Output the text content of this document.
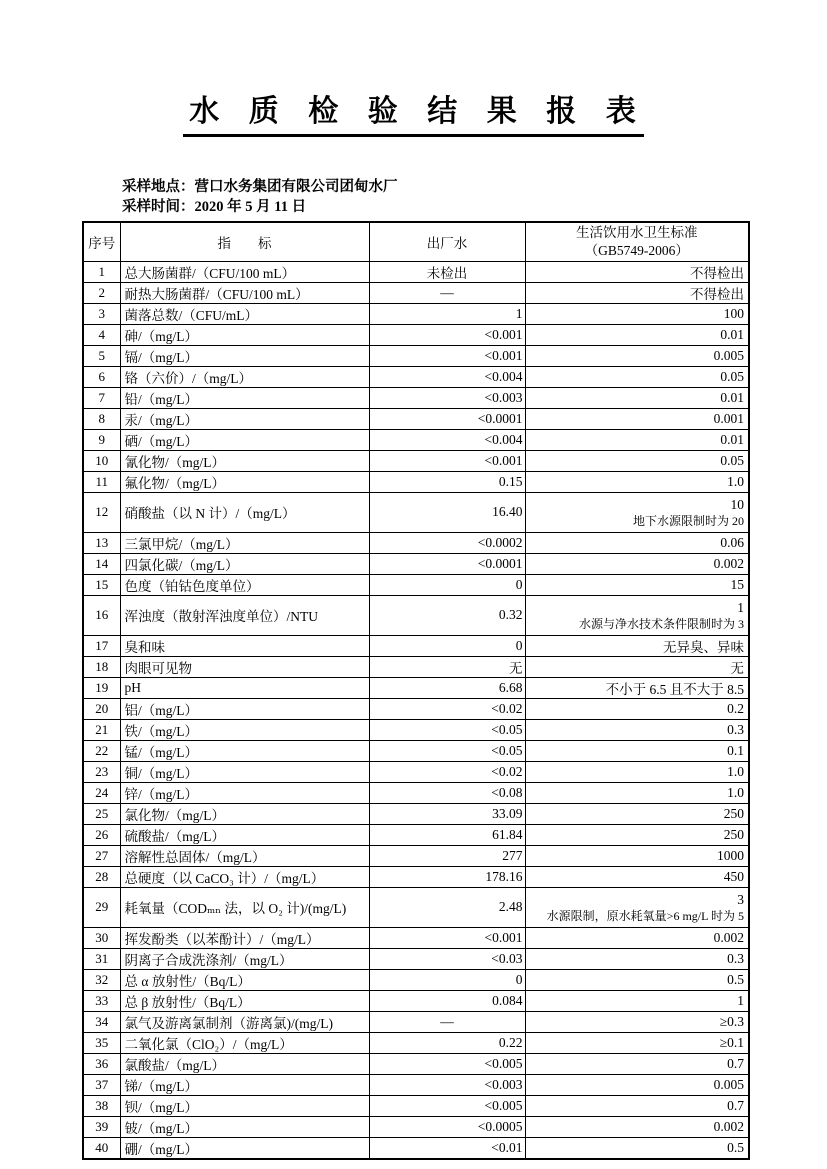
水 质 检 验 结 果 报 表
采样地点：营口水务集团有限公司团甸水厂
采样时间：2020 年 5 月 11 日
序号	指　　标	出厂水	生活饮用水卫生标准
（GB5749-2006）

1	总大肠菌群/（CFU/100 mL）	未检出	不得检出
2	耐热大肠菌群/（CFU/100 mL）	—	不得检出
3	菌落总数/（CFU/mL）	1	100
4	砷/（mg/L）	<0.001	0.01
5	镉/（mg/L）	<0.001	0.005
6	铬（六价）/（mg/L）	<0.004	0.05
7	铅/（mg/L）	<0.003	0.01
8	汞/（mg/L）	<0.0001	0.001
9	硒/（mg/L）	<0.004	0.01
10	氰化物/（mg/L）	<0.001	0.05
11	氟化物/（mg/L）	0.15	1.0
12	硝酸盐（以 N 计）/（mg/L）	16.40	10
地下水源限制时为 20

13	三氯甲烷/（mg/L）	<0.0002	0.06
14	四氯化碳/（mg/L）	<0.0001	0.002
15	色度（铂钴色度单位）	0	15
16	浑浊度（散射浑浊度单位）/NTU	0.32	1
水源与净水技术条件限制时为 3

17	臭和味	0	无异臭、异味
18	肉眼可见物	无	无
19	pH	6.68	不小于 6.5 且不大于 8.5
20	铝/（mg/L）	<0.02	0.2
21	铁/（mg/L）	<0.05	0.3
22	锰/（mg/L）	<0.05	0.1
23	铜/（mg/L）	<0.02	1.0
24	锌/（mg/L）	<0.08	1.0
25	氯化物/（mg/L）	33.09	250
26	硫酸盐/（mg/L）	61.84	250
27	溶解性总固体/（mg/L）	277	1000
28	总硬度（以 CaCO₃ 计）/（mg/L）	178.16	450
29	耗氧量（CODₘₙ 法，以 O₂ 计)/(mg/L)	2.48	3
水源限制，原水耗氧量>6 mg/L 时为 5

30	挥发酚类（以苯酚计）/（mg/L）	<0.001	0.002
31	阴离子合成洗涤剂/（mg/L）	<0.03	0.3
32	总 α 放射性/（Bq/L）	0	0.5
33	总 β 放射性/（Bq/L）	0.084	1
34	氯气及游离氯制剂（游离氯)/(mg/L)	—	≥0.3
35	二氧化氯（ClO₂）/（mg/L）	0.22	≥0.1
36	氯酸盐/（mg/L）	<0.005	0.7
37	锑/（mg/L）	<0.003	0.005
38	钡/（mg/L）	<0.005	0.7
39	铍/（mg/L）	<0.0005	0.002
40	硼/（mg/L）	<0.01	0.5
